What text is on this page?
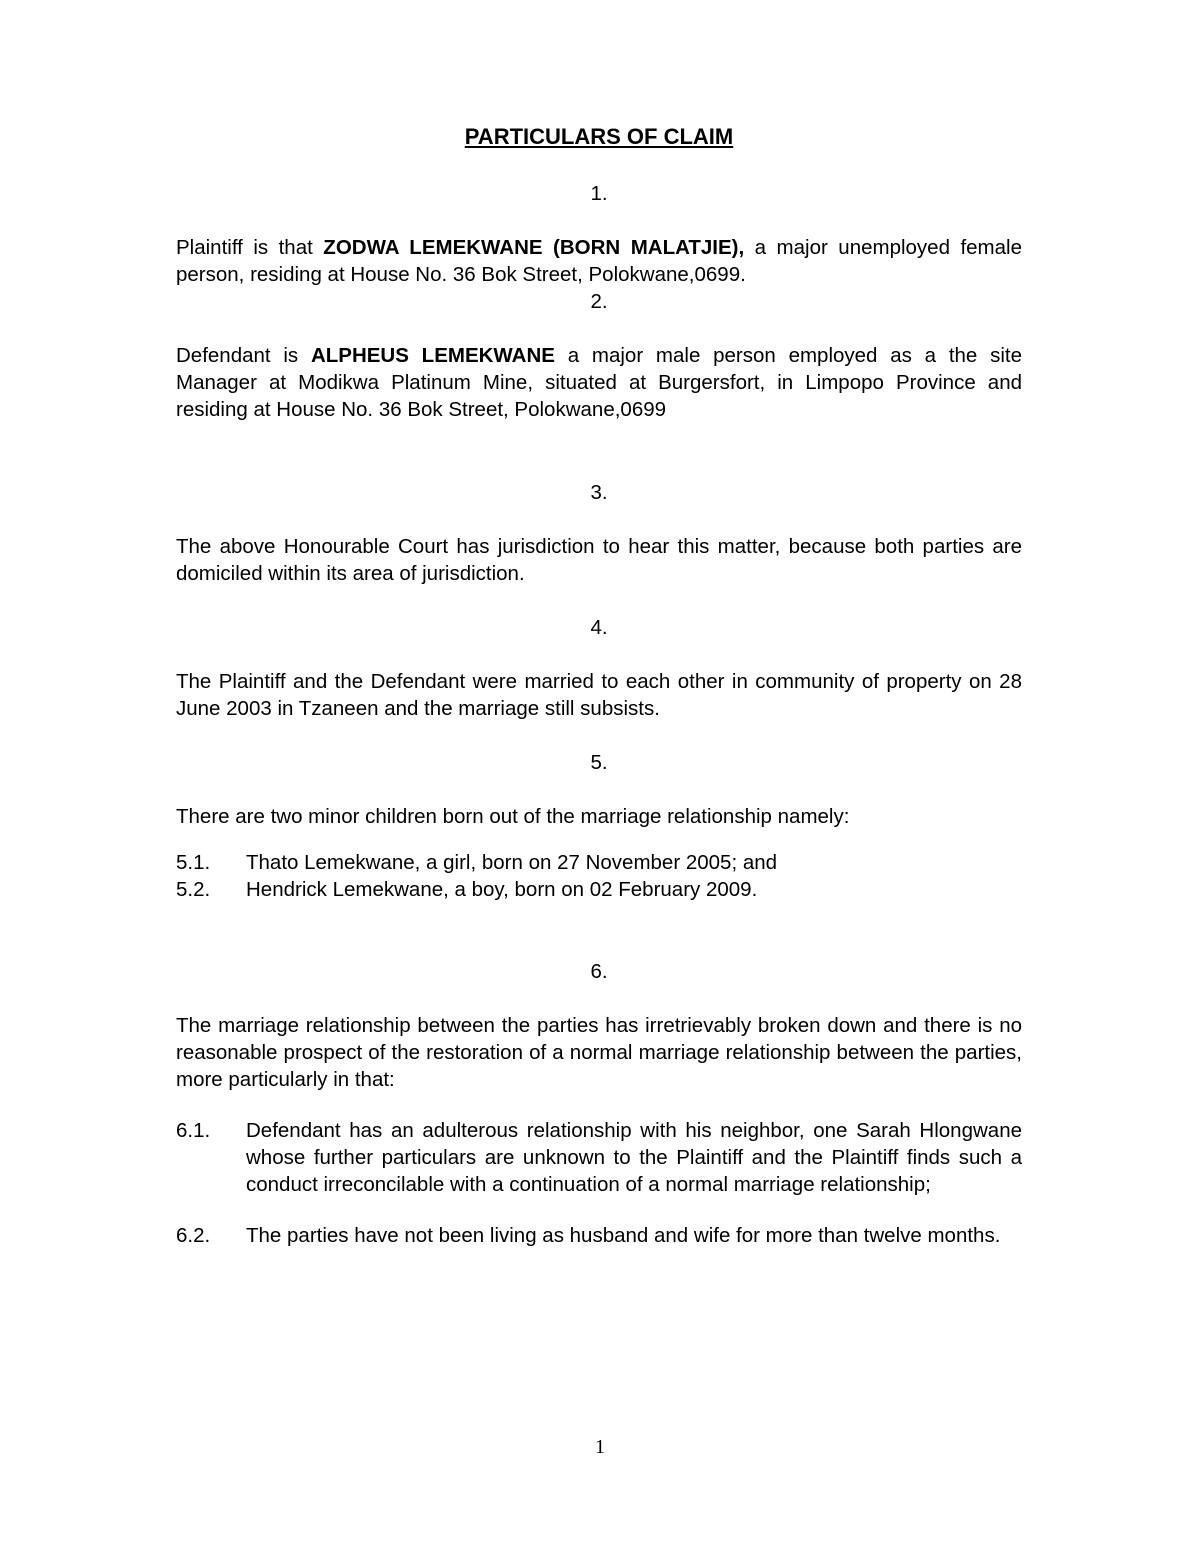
PARTICULARS OF CLAIM
1.

Plaintiff is that ZODWA LEMEKWANE (BORN MALATJIE), a major unemployed female person, residing at House No. 36 Bok Street, Polokwane,0699.

2.

Defendant is ALPHEUS LEMEKWANE a major male person employed as a the site Manager at Modikwa Platinum Mine, situated at Burgersfort, in Limpopo Province and residing at House No. 36 Bok Street, Polokwane,0699

3.

The above Honourable Court has jurisdiction to hear this matter, because both parties are domiciled within its area of jurisdiction.

4.

The Plaintiff and the Defendant were married to each other in community of property on 28 June 2003 in Tzaneen and the marriage still subsists.

5.

There are two minor children born out of the marriage relationship namely:

5.1.	Thato Lemekwane, a girl, born on 27 November 2005; and
5.2.	Hendrick Lemekwane, a boy, born on 02 February 2009.
6.

The marriage relationship between the parties has irretrievably broken down and there is no reasonable prospect of the restoration of a normal marriage relationship between the parties, more particularly in that:

6.1.	Defendant has an adulterous relationship with his neighbor, one Sarah Hlongwane whose further particulars are unknown to the Plaintiff and the Plaintiff finds such a conduct irreconcilable with a continuation of a normal marriage relationship;
6.2.	The parties have not been living as husband and wife for more than twelve months.
1
